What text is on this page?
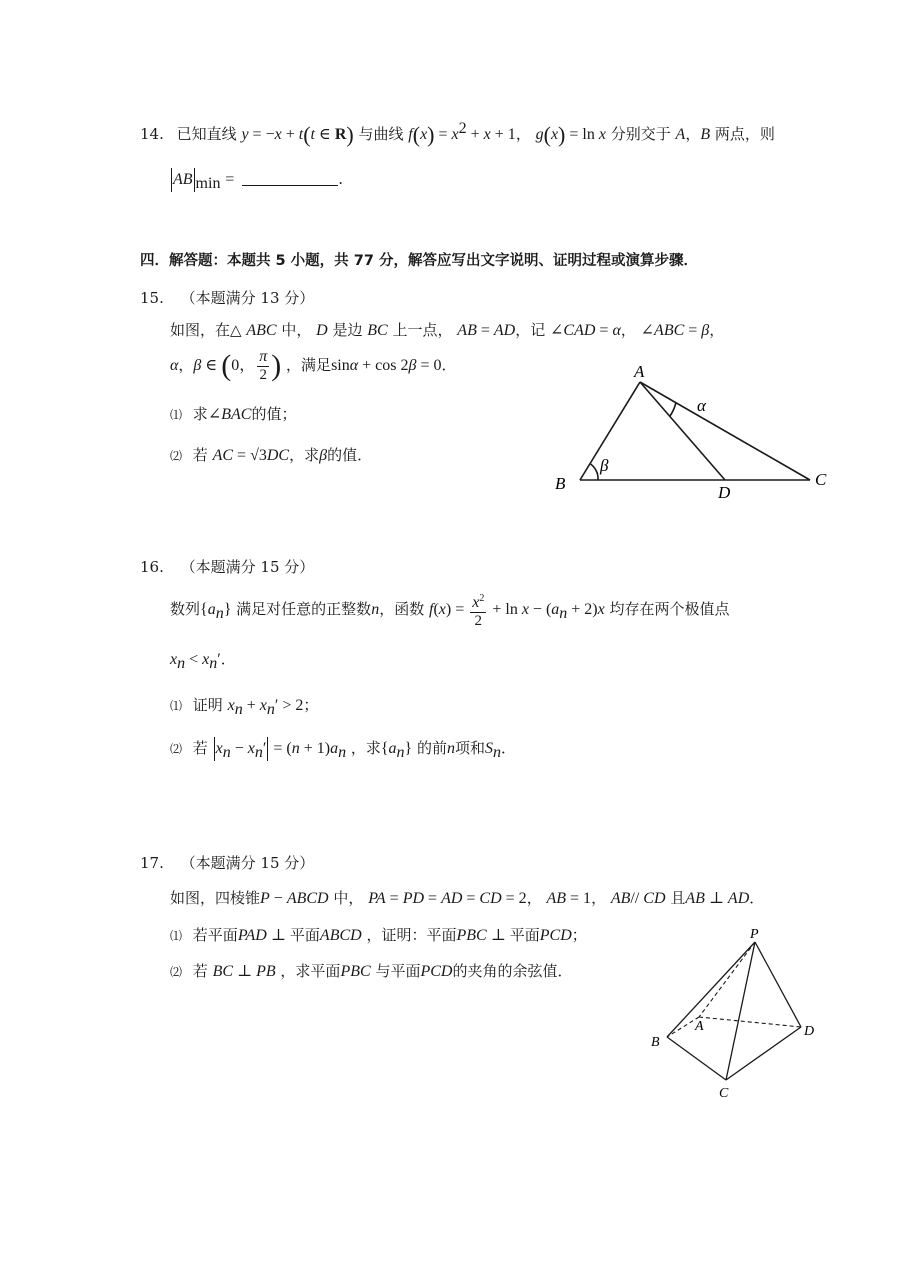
14. 已知直线 y = −x + t(t ∈ R) 与曲线 $f(x) = x^2 + x + 1$， g(x) = ln x 分别交于 A，B 两点，则
AB $_{min}$ =	.
四．解答题：本题共 5 小题，共 77 分，解答应写出文字说明、证明过程或演算步骤．
15. （本题满分 13 分）
如图，在△ ABC 中， D 是边 BC 上一点， AB = AD，记 ∠CAD = α， ∠ABC = β，
α，β ∈ (0， $\frac{\pi}{2}$ ) ，满足sinα + cos 2β = 0．
⑴ 求∠BAC的值；
⑵ 若 AC = √3DC，求β的值．
A
B	C
D
α
β
16. （本题满分 15 分）
数列$\{a_n\}$ 满足对任意的正整数n，函数 $f(x) = \frac{x^2}{2} + \ln x - (a_n + 2)x$ 均存在两个极值点
$x_n < x_n'$．
⑴ 证明 $x_n + x_n' > 2$；
⑵ 若 $x_n - x_n' = (n + 1)a_n$ ，求$\{a_n\}$ 的前n项和$S_n$．
17. （本题满分 15 分）
如图，四棱锥P − ABCD 中， PA = PD = AD = CD = 2， AB = 1， AB// CD 且AB ⊥ AD．
⑴ 若平面PAD ⊥ 平面ABCD ，证明：平面PBC ⊥ 平面PCD；
⑵ 若 BC ⊥ PB ，求平面PBC 与平面PCD的夹角的余弦值．
P
A
B
C
D
